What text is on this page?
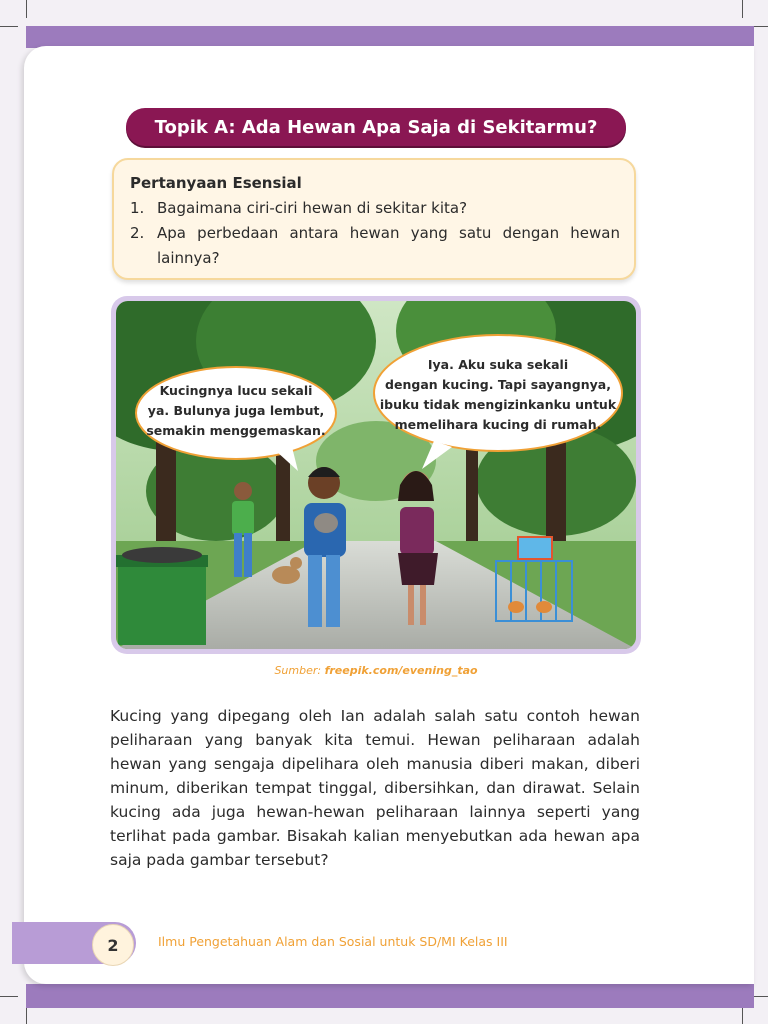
Topik A: Ada Hewan Apa Saja di Sekitarmu?
Pertanyaan Esensial
1. Bagaimana ciri-ciri hewan di sekitar kita?
2. Apa perbedaan antara hewan yang satu dengan hewan lainnya?
Kucingnya lucu sekali
ya. Bulunya juga lembut,
semakin menggemaskan.
Iya. Aku suka sekali
dengan kucing. Tapi sayangnya,
ibuku tidak mengizinkanku untuk
memelihara kucing di rumah.
Sumber: freepik.com/evening_tao

Kucing yang dipegang oleh Ian adalah salah satu contoh hewan peliharaan yang banyak kita temui. Hewan peliharaan adalah hewan yang sengaja dipelihara oleh manusia diberi makan, diberi minum, diberikan tempat tinggal, dibersihkan, dan dirawat. Selain kucing ada juga hewan-hewan peliharaan lainnya seperti yang terlihat pada gambar. Bisakah kalian menyebutkan ada hewan apa saja pada gambar tersebut?

2	Ilmu Pengetahuan Alam dan Sosial untuk SD/MI Kelas III
